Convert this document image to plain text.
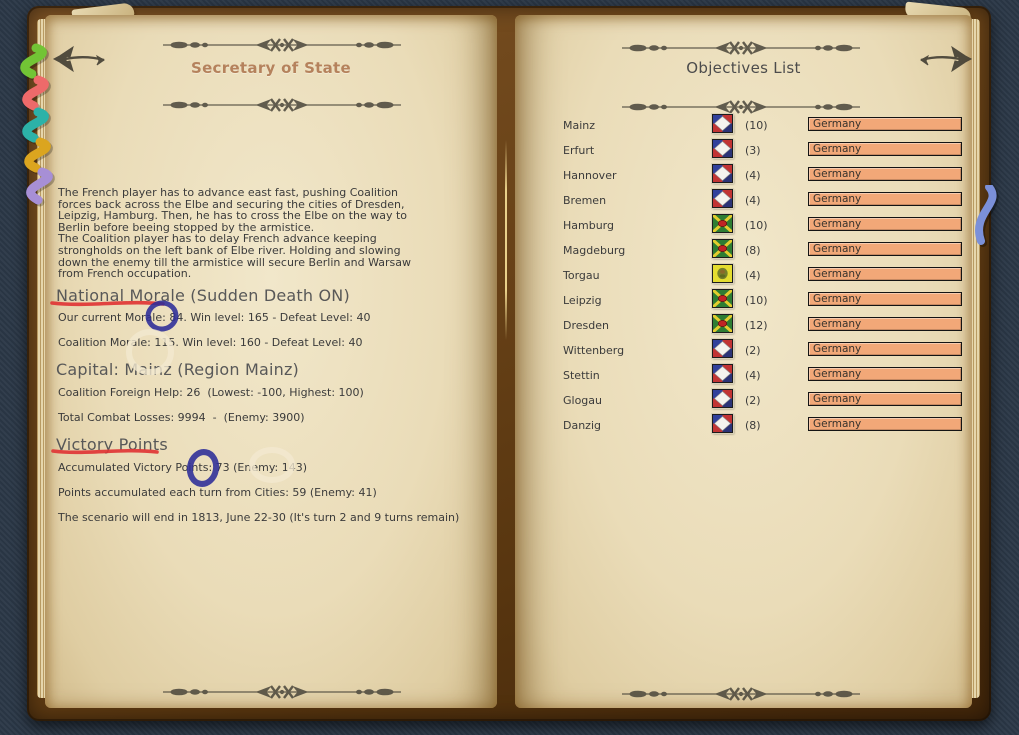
Secretary of State
The French player has to advance east fast, pushing Coalition
forces back across the Elbe and securing the cities of Dresden,
Leipzig, Hamburg. Then, he has to cross the Elbe on the way to
Berlin before beeing stopped by the armistice.
The Coalition player has to delay French advance keeping
strongholds on the left bank of Elbe river. Holding and slowing
down the enemy till the armistice will secure Berlin and Warsaw
from French occupation.
National Morale (Sudden Death ON)
Our current Morale: 84. Win level: 165 - Defeat Level: 40
Coalition Morale: 115. Win level: 160 - Defeat Level: 40
Capital: Mainz (Region Mainz)
Coalition Foreign Help: 26  (Lowest: -100, Highest: 100)
Total Combat Losses: 9994  -  (Enemy: 3900)
Victory Points
Accumulated Victory Points: 73 (Enemy: 143)
Points accumulated each turn from Cities: 59 (Enemy: 41)
The scenario will end in 1813, June 22-30 (It's turn 2 and 9 turns remain)
Objectives List
Mainz	(10)	Germany
Erfurt	(3)	Germany
Hannover	(4)	Germany
Bremen	(4)	Germany
Hamburg	(10)	Germany
Magdeburg	(8)	Germany
Torgau	(4)	Germany
Leipzig	(10)	Germany
Dresden	(12)	Germany
Wittenberg	(2)	Germany
Stettin	(4)	Germany
Glogau	(2)	Germany
Danzig	(8)	Germany
